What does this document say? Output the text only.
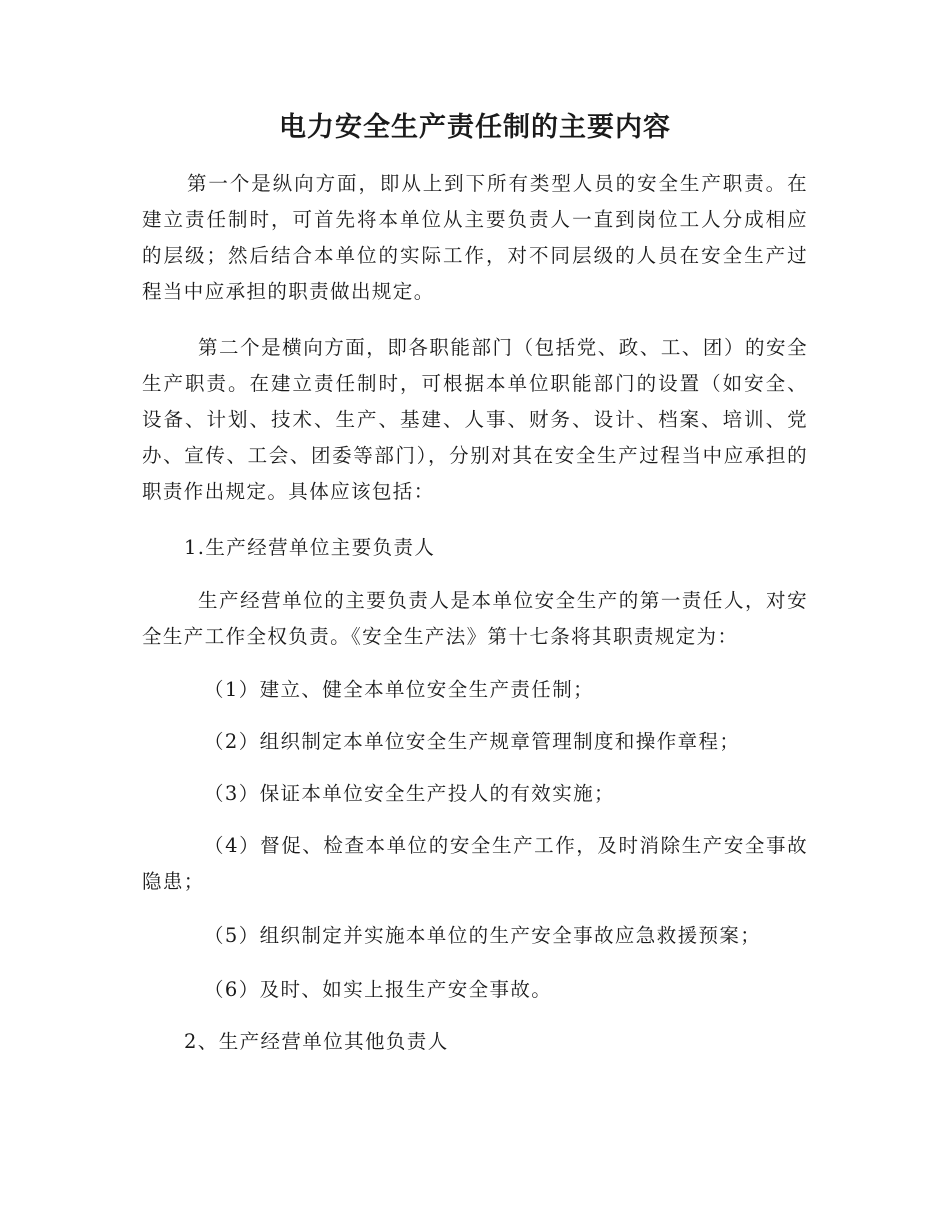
电力安全生产责任制的主要内容

第一个是纵向方面，即从上到下所有类型人员的安全生产职责。在建立责任制时，可首先将本单位从主要负责人一直到岗位工人分成相应的层级；然后结合本单位的实际工作，对不同层级的人员在安全生产过程当中应承担的职责做出规定。

第二个是横向方面，即各职能部门（包括党、政、工、团）的安全生产职责。在建立责任制时，可根据本单位职能部门的设置（如安全、设备、计划、技术、生产、基建、人事、财务、设计、档案、培训、党办、宣传、工会、团委等部门），分别对其在安全生产过程当中应承担的职责作出规定。具体应该包括：

1.生产经营单位主要负责人

生产经营单位的主要负责人是本单位安全生产的第一责任人，对安全生产工作全权负责。《安全生产法》第十七条将其职责规定为：

（1）建立、健全本单位安全生产责任制；

（2）组织制定本单位安全生产规章管理制度和操作章程；

（3）保证本单位安全生产投人的有效实施；

（4）督促、检查本单位的安全生产工作，及时消除生产安全事故隐患；

（5）组织制定并实施本单位的生产安全事故应急救援预案；

（6）及时、如实上报生产安全事故。

2、生产经营单位其他负责人
